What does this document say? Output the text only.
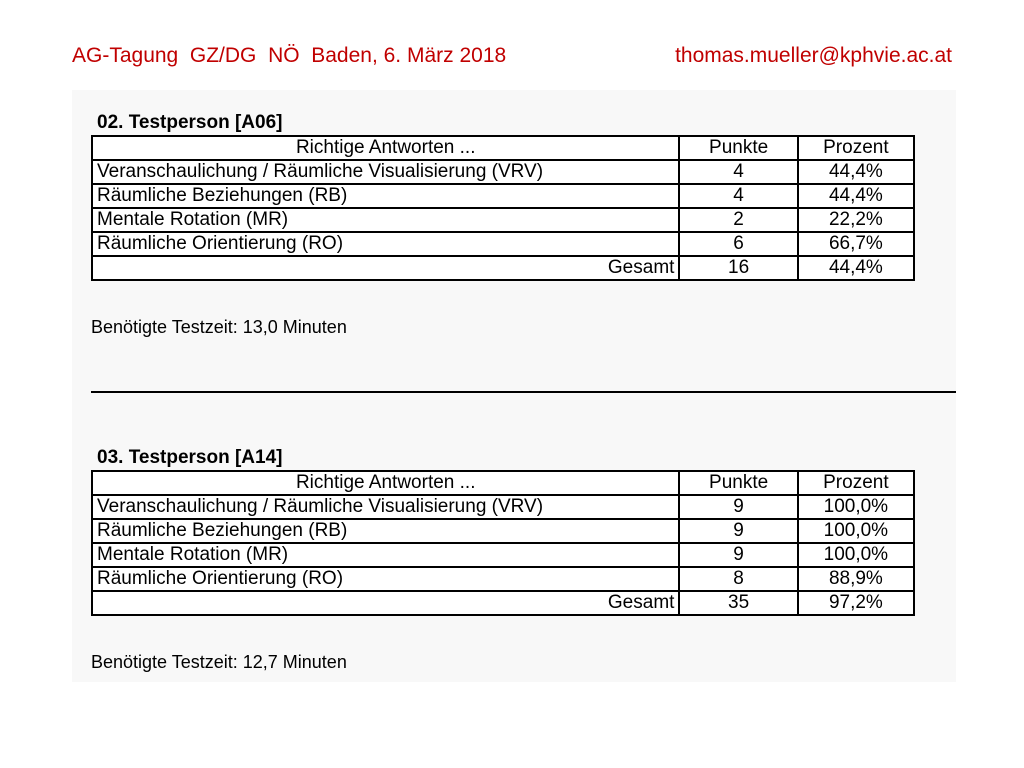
AG-Tagung  GZ/DG  NÖ  Baden, 6. März 2018	thomas.mueller@kphvie.ac.at
02. Testperson [A06]
Richtige Antworten ...	Punkte	Prozent
Veranschaulichung / Räumliche Visualisierung (VRV)	4	44,4%
Räumliche Beziehungen (RB)	4	44,4%
Mentale Rotation (MR)	2	22,2%
Räumliche Orientierung (RO)	6	66,7%
Gesamt	16	44,4%
Benötigte Testzeit: 13,0 Minuten
03. Testperson [A14]
Richtige Antworten ...	Punkte	Prozent
Veranschaulichung / Räumliche Visualisierung (VRV)	9	100,0%
Räumliche Beziehungen (RB)	9	100,0%
Mentale Rotation (MR)	9	100,0%
Räumliche Orientierung (RO)	8	88,9%
Gesamt	35	97,2%
Benötigte Testzeit: 12,7 Minuten
